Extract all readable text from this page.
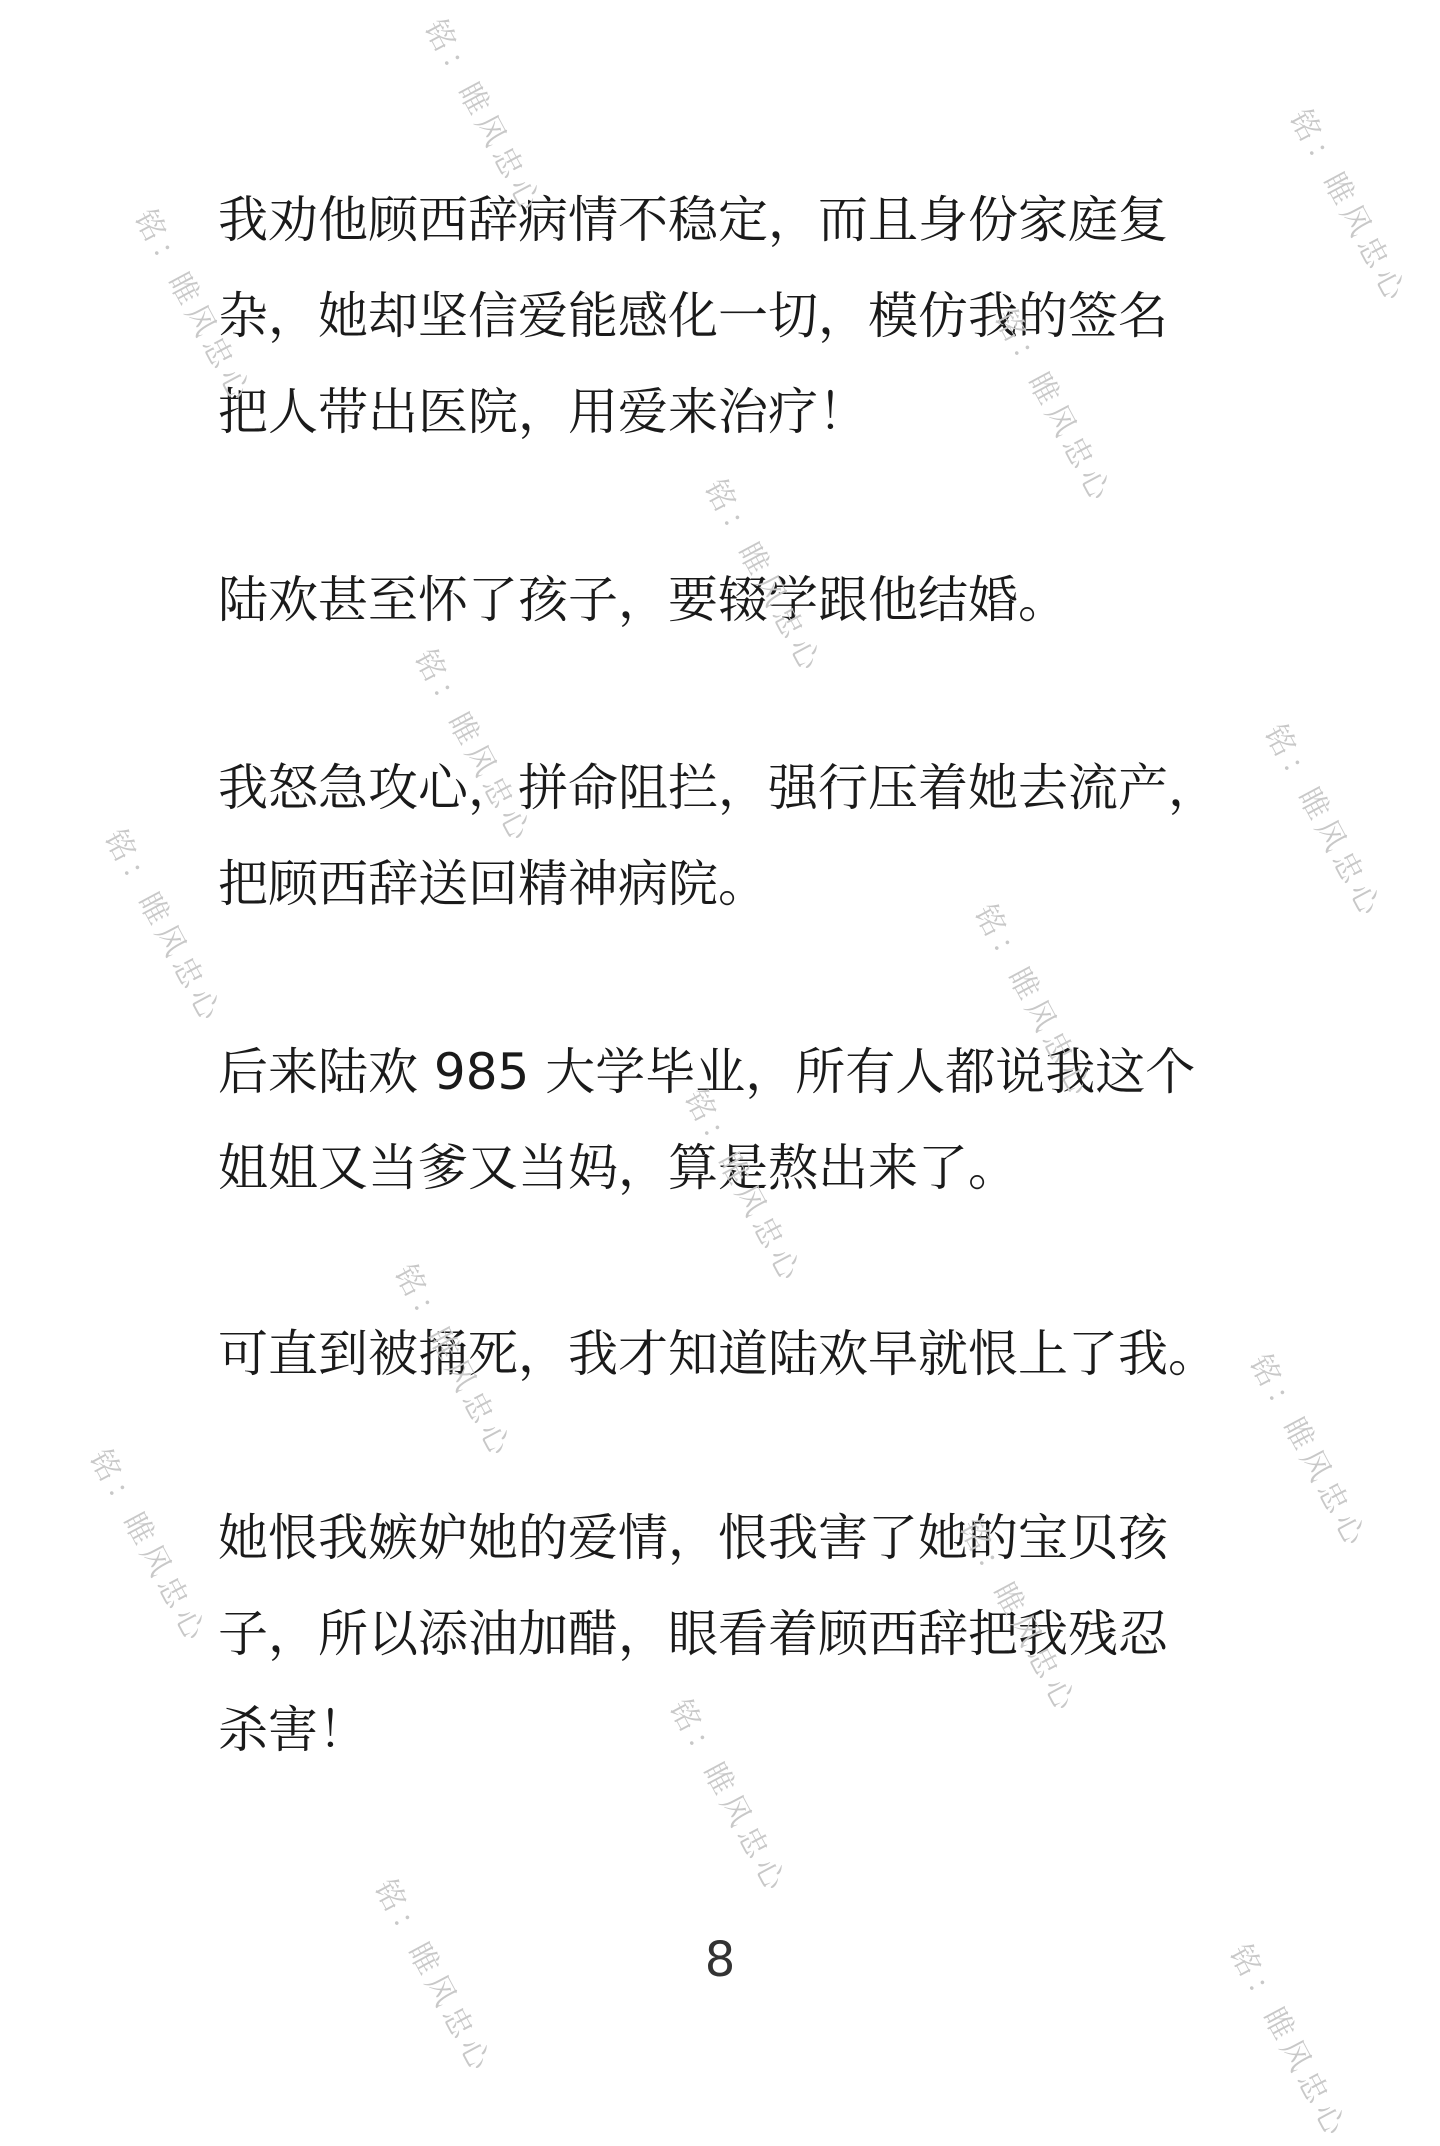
我劝他顾西辞病情不稳定，而且身份家庭复
杂，她却坚信爱能感化一切，模仿我的签名
把人带出医院，用爱来治疗！

陆欢甚至怀了孩子，要辍学跟他结婚。

我怒急攻心，拼命阻拦，强行压着她去流产，
把顾西辞送回精神病院。

后来陆欢 985 大学毕业，所有人都说我这个
姐姐又当爹又当妈，算是熬出来了。

可直到被捅死，我才知道陆欢早就恨上了我。

她恨我嫉妒她的爱情，恨我害了她的宝贝孩
子，所以添油加醋，眼看着顾西辞把我残忍
杀害！

8
铭：睢风忠心	铭：睢风忠心
铭：睢风忠心	铭：睢风忠心
铭：睢风忠心
铭：睢风忠心	铭：睢风忠心
铭：睢风忠心	铭：睢风忠心
铭：睢风忠心
铭：睢风忠心	铭：睢风忠心
铭：睢风忠心	铭：睢风忠心
铭：睢风忠心
铭：睢风忠心	铭：睢风忠心
